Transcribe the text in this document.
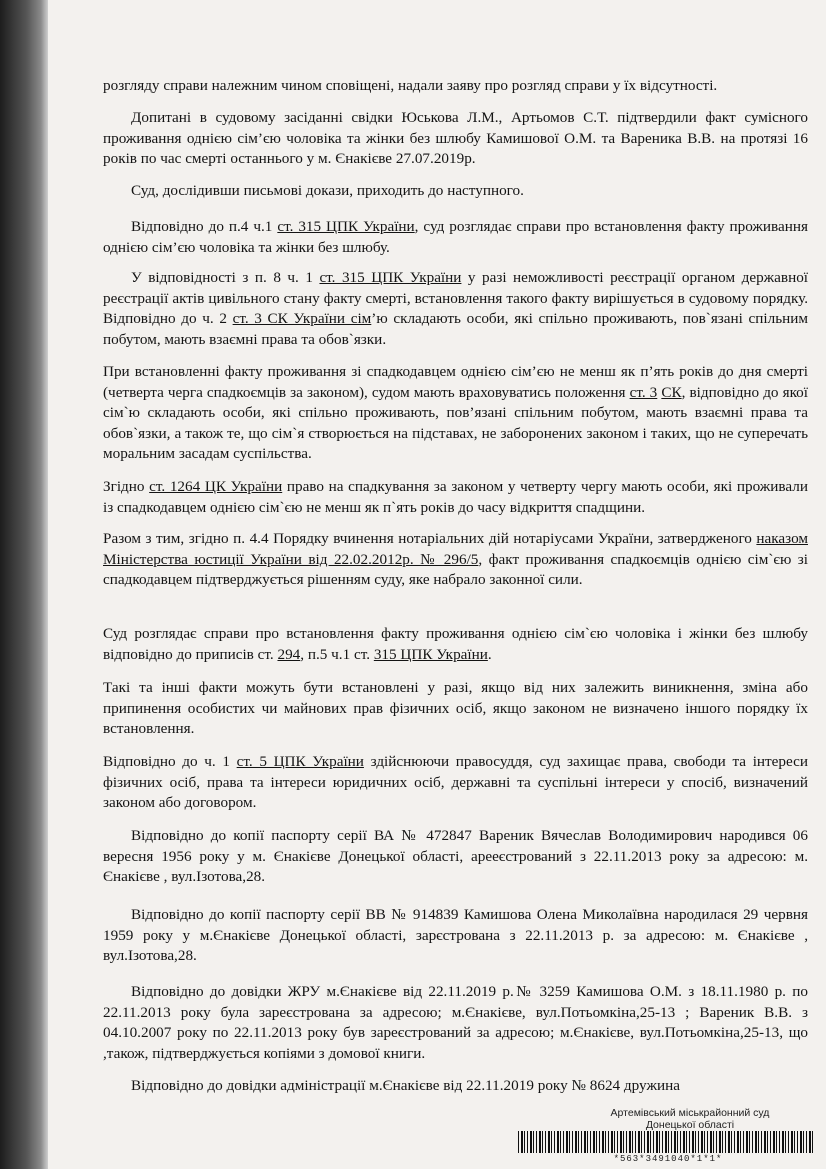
розгляду справи належним чином сповіщені, надали заяву про розгляд справи у їх відсутності.

Допитані в судовому засіданні свідки Юськова Л.М., Артьомов С.Т. підтвердили факт сумісного проживання однією сім’єю чоловіка та жінки без шлюбу Камишової О.М. та Вареника В.В. на протязі 16 років по час смерті останнього у м. Єнакієве 27.07.2019р.

Суд, дослідивши письмові докази, приходить до наступного.

Відповідно до п.4 ч.1 ст. 315 ЦПК України, суд розглядає справи про встановлення факту проживання однією сім’єю чоловіка та жінки без шлюбу.

У відповідності з п. 8 ч. 1 ст. 315 ЦПК України у разі неможливості реєстрації органом державної реєстрації актів цивільного стану факту смерті, встановлення такого факту вирішується в судовому порядку. Відповідно до ч. 2 ст. 3 СК України сім’ю складають особи, які спільно проживають, пов`язані спільним побутом, мають взаємні права та обов`язки.

При встановленні факту проживання зі спадкодавцем однією сім’єю не менш як п’ять років до дня смерті (четверта черга спадкоємців за законом), судом мають враховуватись положення ст. 3 СК, відповідно до якої сім`ю складають особи, які спільно проживають, пов’язані спільним побутом, мають взаємні права та обов`язки, а також те, що сім`я створюється на підставах, не заборонених законом і таких, що не суперечать моральним засадам суспільства.

Згідно ст. 1264 ЦК України право на спадкування за законом у четверту чергу мають особи, які проживали із спадкодавцем однією сім`єю не менш як п`ять років до часу відкриття спадщини.

Разом з тим, згідно п. 4.4 Порядку вчинення нотаріальних дій нотаріусами України, затвердженого наказом Міністерства юстиції України від 22.02.2012р. № 296/5, факт проживання спадкоємців однією сім`єю зі спадкодавцем підтверджується рішенням суду, яке набрало законної сили.

Суд розглядає справи про встановлення факту проживання однією сім`єю чоловіка і жінки без шлюбу відповідно до приписів ст. 294, п.5 ч.1 ст. 315 ЦПК України.

Такі та інші факти можуть бути встановлені у разі, якщо від них залежить виникнення, зміна або припинення особистих чи майнових прав фізичних осіб, якщо законом не визначено іншого порядку їх встановлення.

Відповідно до ч. 1 ст. 5 ЦПК України здійснюючи правосуддя, суд захищає права, свободи та інтереси фізичних осіб, права та інтереси юридичних осіб, державні та суспільні інтереси у спосіб, визначений законом або договором.

Відповідно до копії паспорту серії ВА № 472847 Вареник Вячеслав Володимирович народився 06 вересня 1956 року у м. Єнакієве Донецької області, арееєстрований з 22.11.2013 року за адресою: м. Єнакієве , вул.Ізотова,28.

Відповідно до копії паспорту серії ВВ № 914839 Камишова Олена Миколаївна народилася 29 червня 1959 року у м.Єнакієве Донецької області, зарєстрована з 22.11.2013 р. за адресою: м. Єнакієве , вул.Ізотова,28.

Відповідно до довідки ЖРУ м.Єнакієве від 22.11.2019 р.№ 3259 Камишова О.М. з 18.11.1980 р. по 22.11.2013 року була зареєстрована за адресою; м.Єнакієве, вул.Потьомкіна,25-13 ; Вареник В.В. з 04.10.2007 року по 22.11.2013 року був зареєстрований за адресою; м.Єнакієве, вул.Потьомкіна,25-13, що ,також, підтверджується копіями з домової книги.

Відповідно до довідки адміністрації м.Єнакієве від 22.11.2019 року № 8624 дружина

Артемівський міськрайонний суд
Донецької області
*563*3491040*1*1*
